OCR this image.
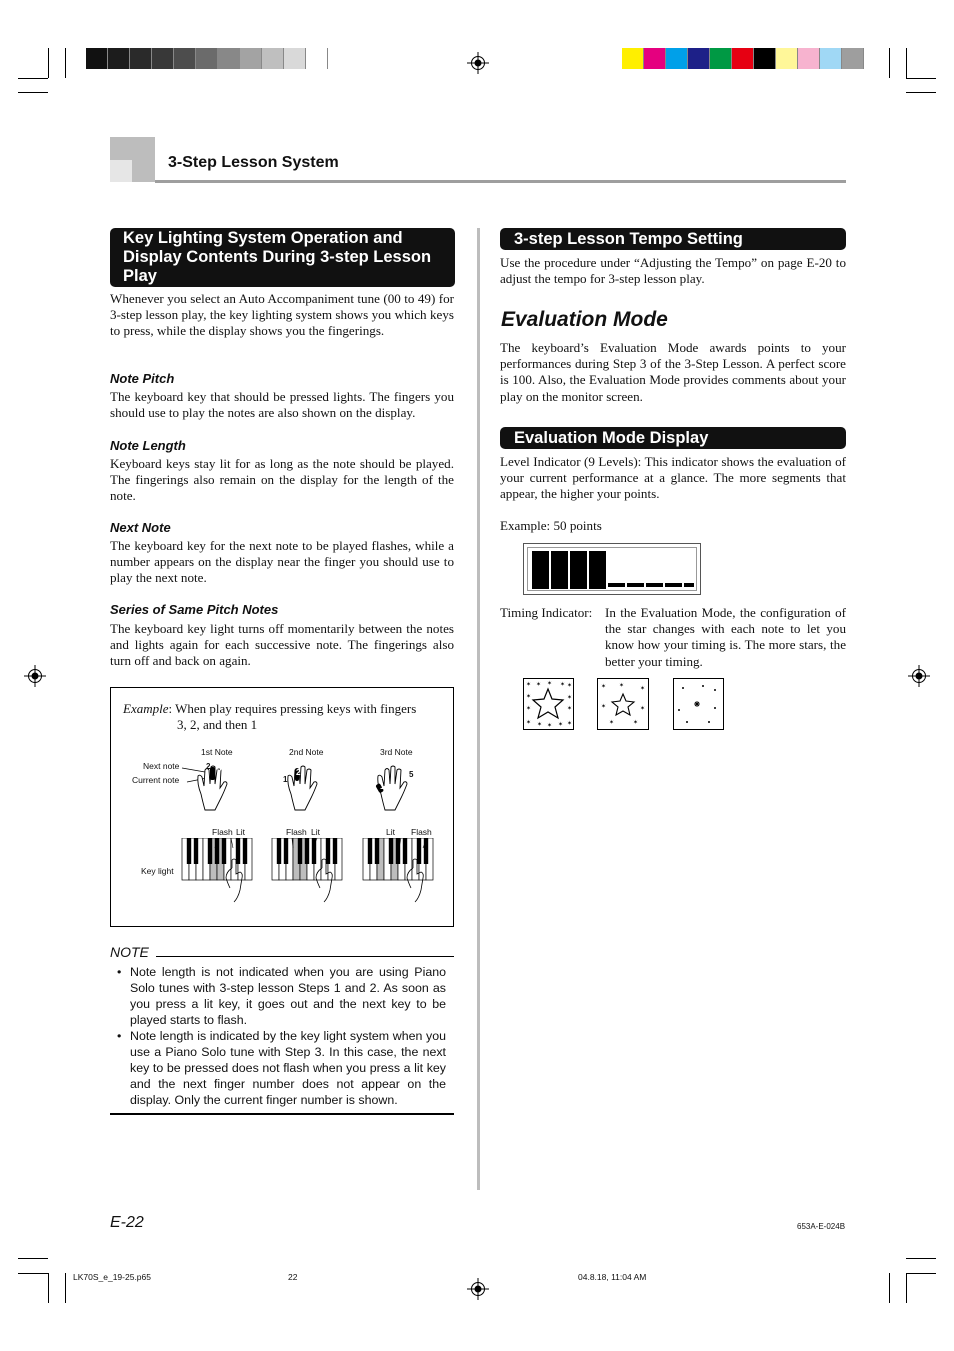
3-Step Lesson System
Key Lighting System Operation and Display Contents During 3-step Lesson Play

Whenever you select an Auto Accompaniment tune (00 to 49) for 3-step lesson play, the key lighting system shows you which keys to press, while the display shows you the fingerings.

Note Pitch

The keyboard key that should be pressed lights. The fingers you should use to play the notes are also shown on the display.

Note Length

Keyboard keys stay lit for as long as the note should be played. The fingerings also remain on the display for the length of the note.

Next Note

The keyboard key for the next note to be played flashes, while a number appears on the display near the finger you should use to play the next note.

Series of Same Pitch Notes

The keyboard key light turns off momentarily between the notes and lights again for each successive note. The fingerings also turn off and back on again.

Example: When play requires pressing keys with fingers
3, 2, and then 1
1st Note	2nd Note	3rd Note
Next note
Current note
2 3
1
2	5
1
Flash Lit	Flash Lit	Lit Flash
Key light
NOTE
• Note length is not indicated when you are using Piano Solo tunes with 3-step lesson Steps 1 and 2. As soon as you press a lit key, it goes out and the next key to be played starts to flash.
• Note length is indicated by the key light system when you use a Piano Solo tune with Step 3. In this case, the next key to be pressed does not flash when you press a lit key and the next finger number does not appear on the display. Only the current finger number is shown.
3-step Lesson Tempo Setting

Use the procedure under “Adjusting the Tempo” on page E-20 to adjust the tempo for 3-step lesson play.

Evaluation Mode

The keyboard’s Evaluation Mode awards points to your performances during Step 3 of the 3-Step Lesson. A perfect score is 100. Also, the Evaluation Mode provides comments about your play on the monitor screen.

Evaluation Mode Display

Level Indicator (9 Levels): This indicator shows the evaluation of your current performance at a glance. The more segments that appear, the higher your points.

Example: 50 points
Timing Indicator: In the Evaluation Mode, the configuration of the star changes with each note to let you know how your timing is. The more stars, the better your timing.

✶ ✶ ✶ ✶ ✶
✶	✶
✶	✶
✶ ✶ ✶ ✶ ✶
✶ ✶	✶
✶	✶
✶	✶
E-22	653A-E-024B
LK70S_e_19-25.p65	22	04.8.18, 11:04 AM
